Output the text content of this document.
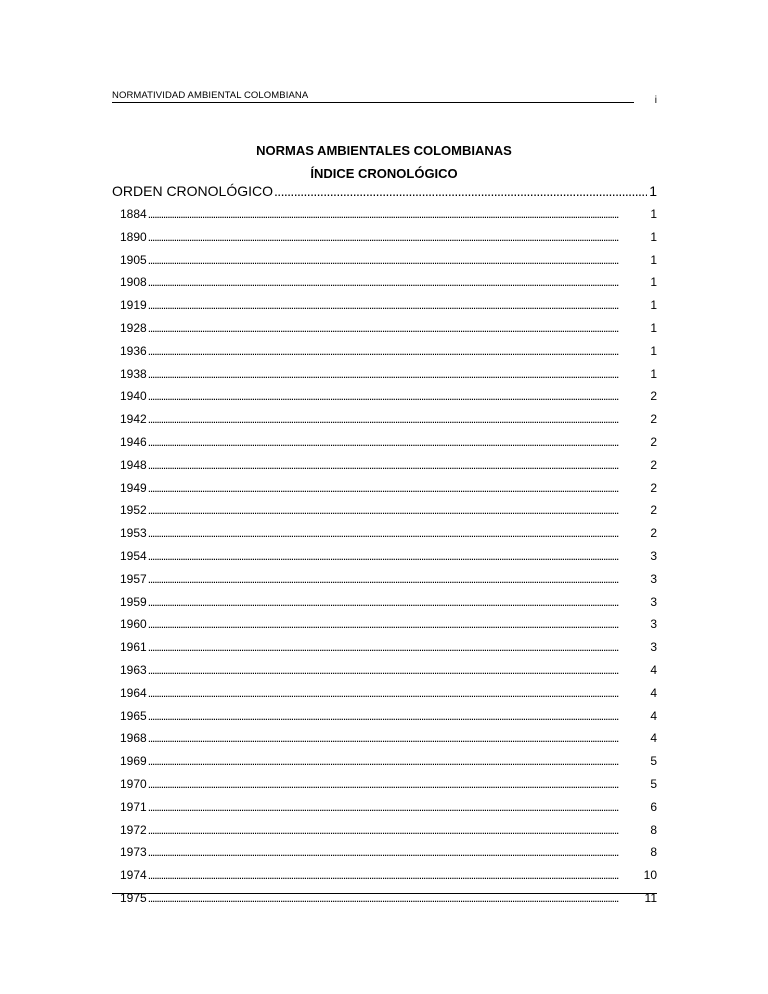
NORMATIVIDAD AMBIENTAL COLOMBIANA	i
NORMAS AMBIENTALES COLOMBIANAS
ÍNDICE CRONOLÓGICO
ORDEN CRONOLÓGICO . . .	1
1884 . . .	1
1890 . . .	1
1905 . . .	1
1908 . . .	1
1919 . . .	1
1928 . . .	1
1936 . . .	1
1938 . . .	1
1940 . . .	2
1942 . . .	2
1946 . . .	2
1948 . . .	2
1949 . . .	2
1952 . . .	2
1953 . . .	2
1954 . . .	3
1957 . . .	3
1959 . . .	3
1960 . . .	3
1961 . . .	3
1963 . . .	4
1964 . . .	4
1965 . . .	4
1968 . . .	4
1969 . . .	5
1970 . . .	5
1971 . . .	6
1972 . . .	8
1973 . . .	8
1974 . . .	10
1975 . . .	11
